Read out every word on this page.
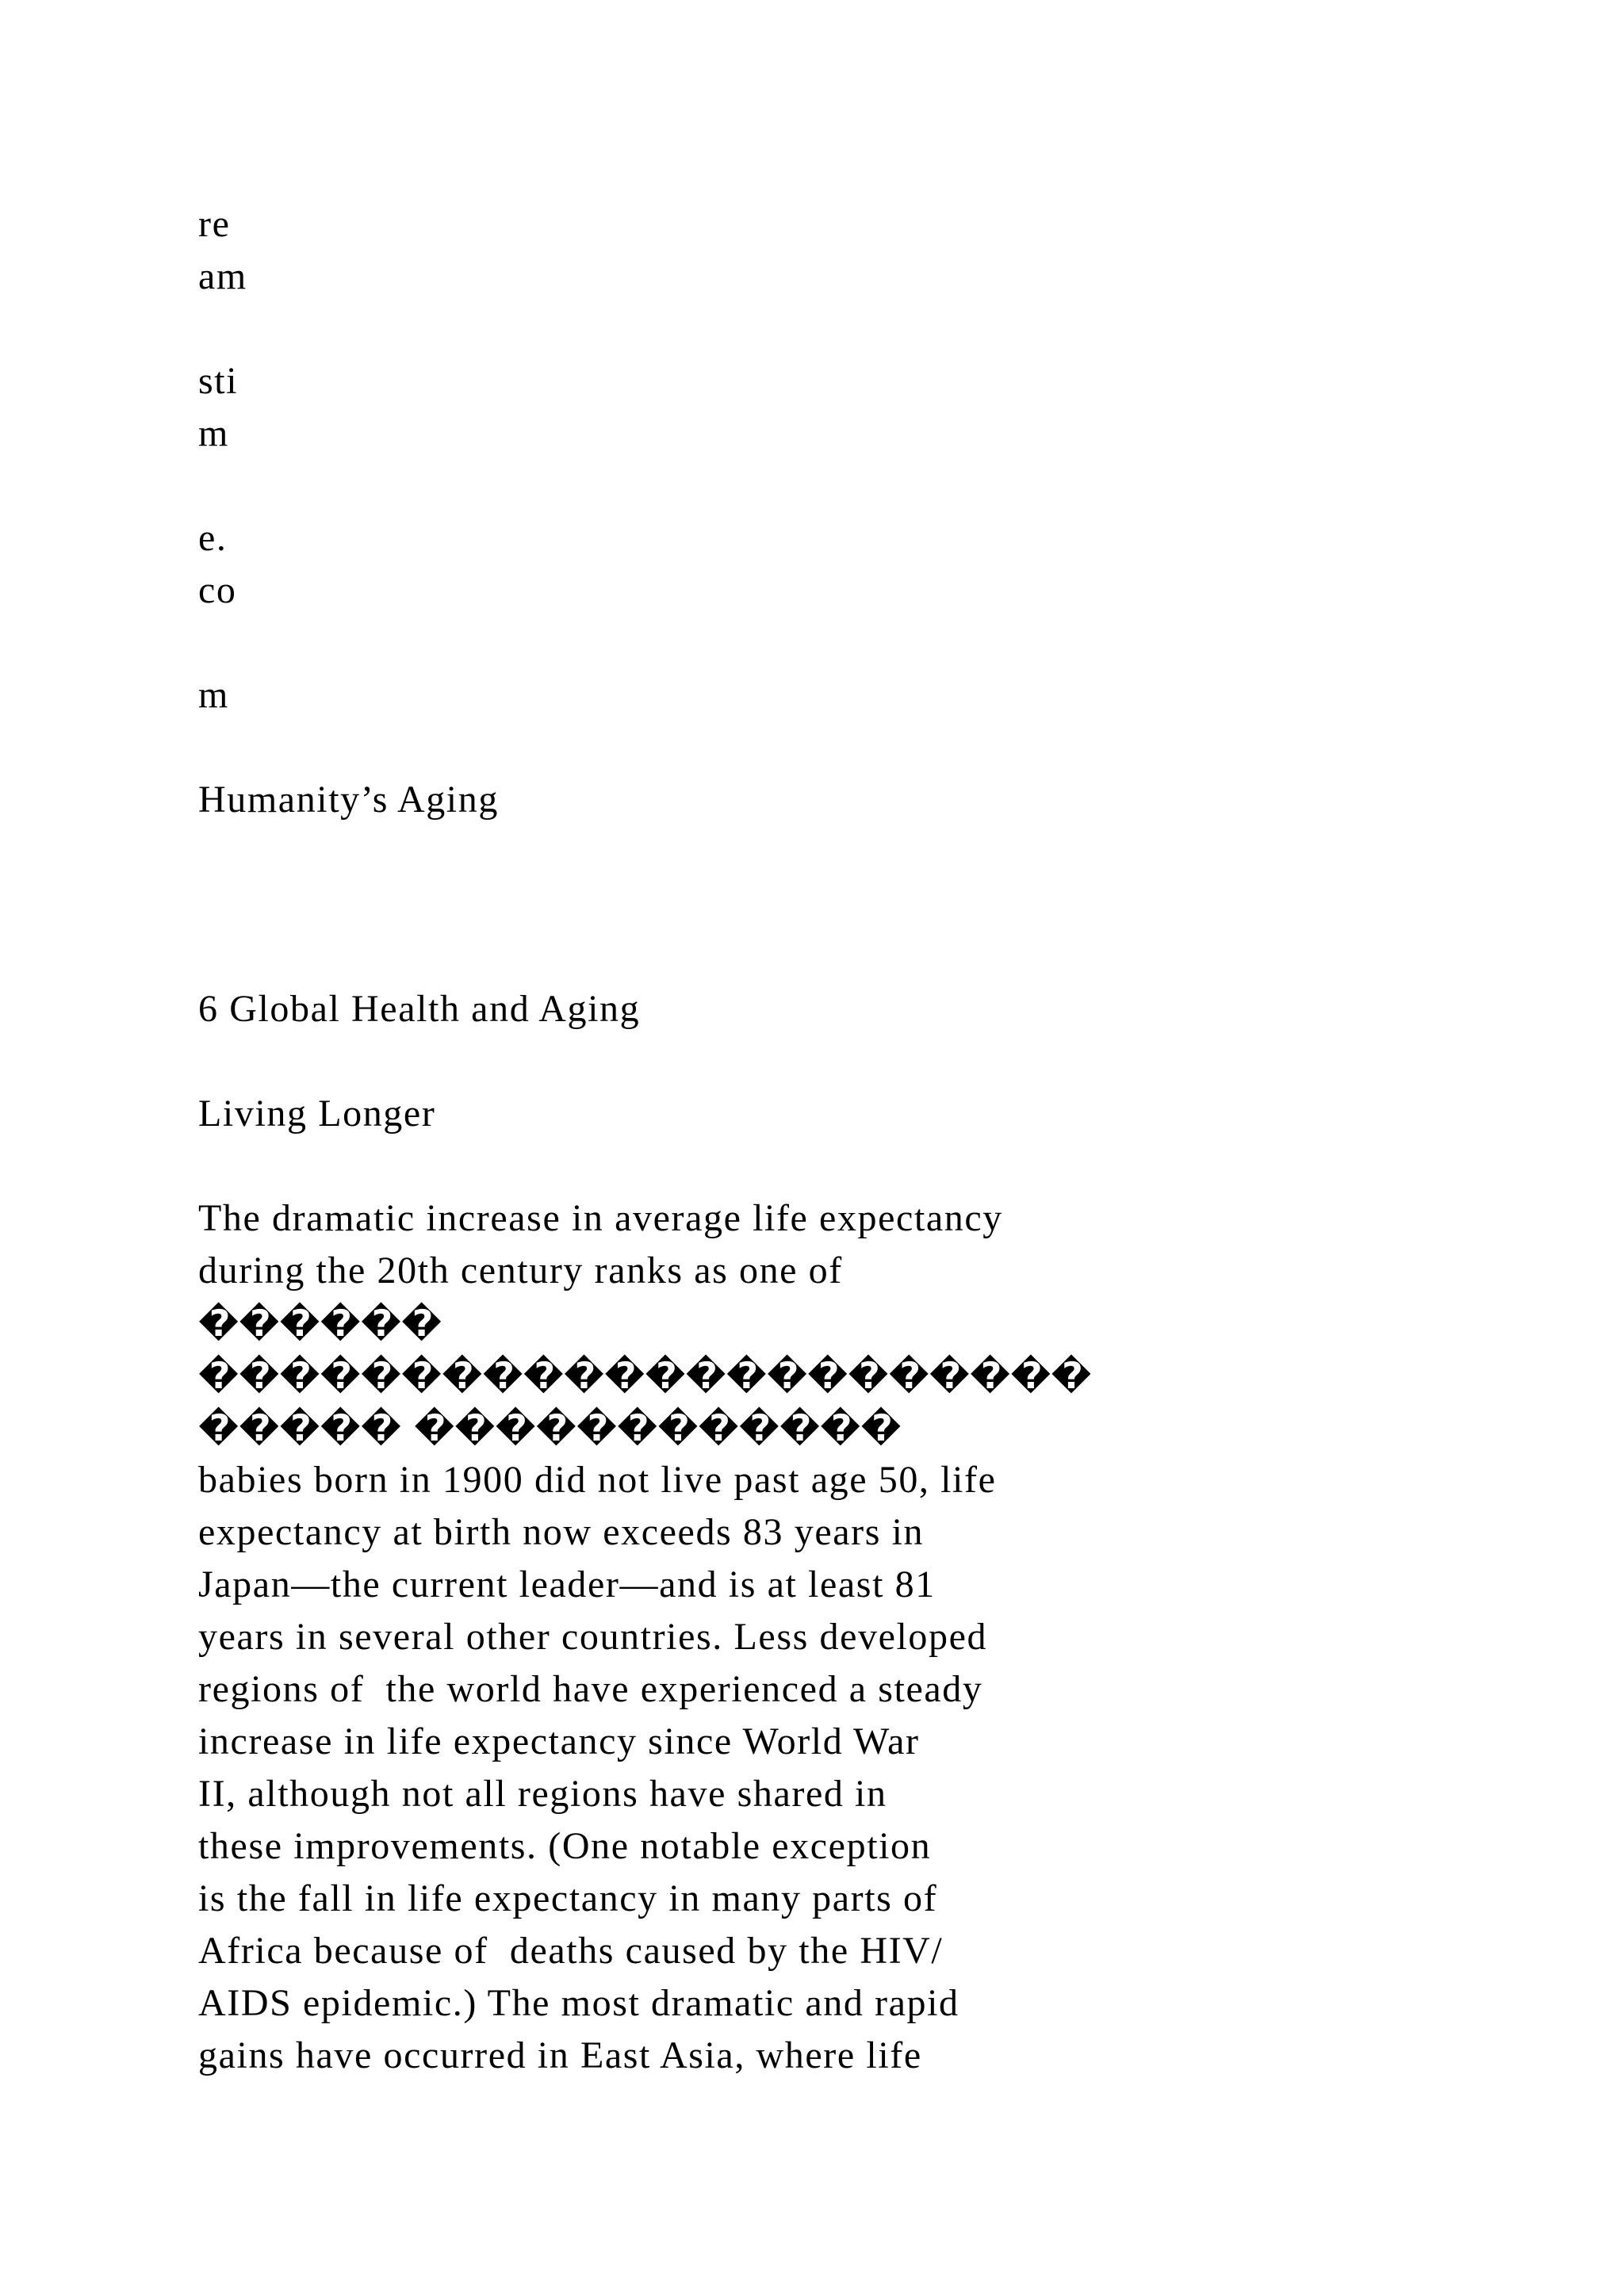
re

am

sti

m

e.

co

m

Humanity’s Aging

6 Global Health and Aging

Living Longer

The dramatic increase in average life expectancy

during the 20th century ranks as one of

������

����������������������

����� ������������

babies born in 1900 did not live past age 50, life

expectancy at birth now exceeds 83 years in

Japan—the current leader—and is at least 81

years in several other countries. Less developed

regions of  the world have experienced a steady

increase in life expectancy since World War

II, although not all regions have shared in

these improvements. (One notable exception

is the fall in life expectancy in many parts of

Africa because of  deaths caused by the HIV/

AIDS epidemic.) The most dramatic and rapid

gains have occurred in East Asia, where life
